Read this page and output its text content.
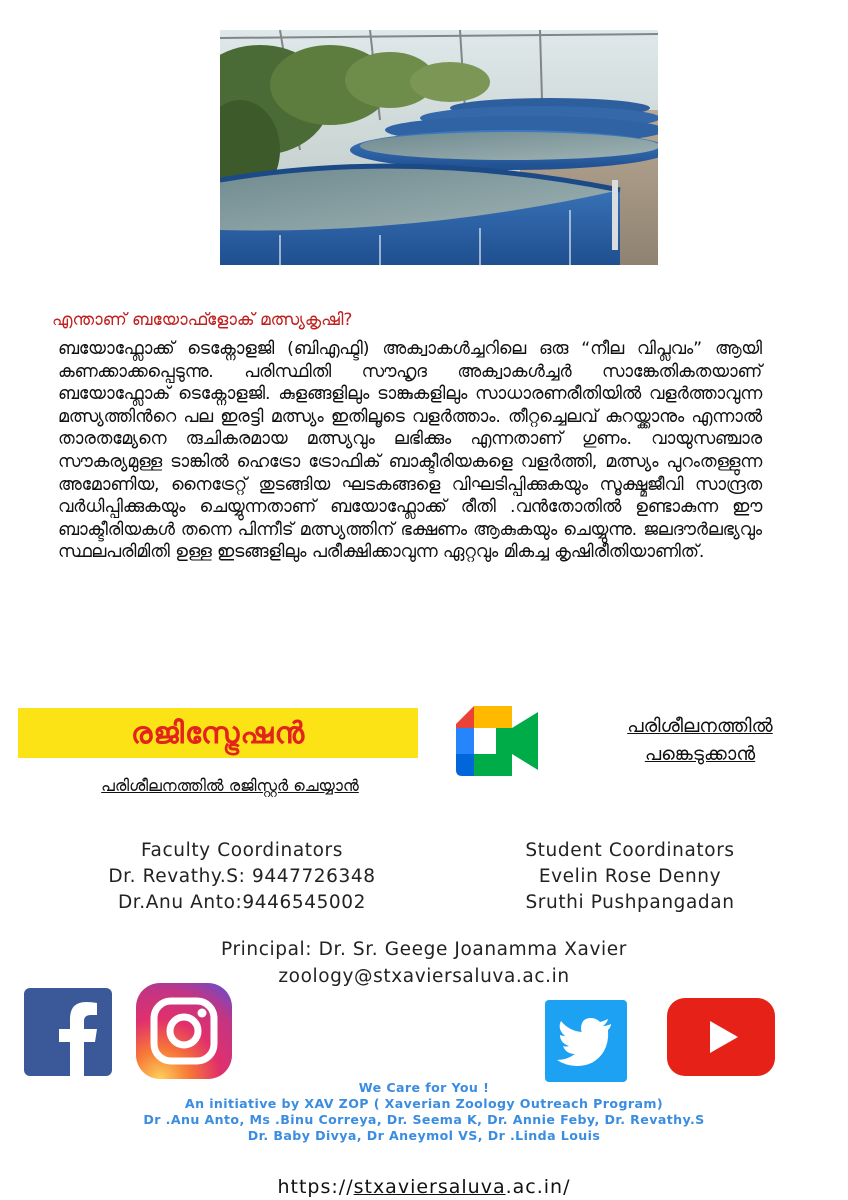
എന്താണ് ബയോഫ്ളോക് മത്സ്യകൃഷി?
ബയോഫ്ലോക്ക് ടെക്നോളജി (ബിഎഫ്ടി) അക്വാകൾച്ചറിലെ ഒരു “നീല വിപ്ലവം” ആയി കണക്കാക്കപ്പെടുന്നു. പരിസ്ഥിതി സൗഹൃദ അക്വാകൾച്ചർ സാങ്കേതികതയാണ് ബയോഫ്ലോക് ടെക്നോളജി. കുളങ്ങളിലും ടാങ്കുകളിലും സാധാരണരീതിയിൽ വളർത്താവുന്ന മത്സ്യത്തിൻറെ പല ഇരട്ടി മത്സ്യം ഇതിലൂടെ വളർത്താം. തീറ്റച്ചെലവ് കുറയ്ക്കാനും എന്നാൽ താരതമ്യേനെ രുചികരമായ മത്സ്യവും ലഭിക്കും എന്നതാണ് ഗുണം. വായുസഞ്ചാര സൗകര്യമുള്ള ടാങ്കിൽ ഹെട്രോ ട്രോഫിക് ബാക്ടീരിയകളെ വളർത്തി, മത്സ്യം പുറംതള്ളുന്ന അമോണിയ, നൈട്രേറ്റ് തുടങ്ങിയ ഘടകങ്ങളെ വിഘടിപ്പിക്കുകയും സൂക്ഷ്മജീവി സാന്ദ്രത വർധിപ്പിക്കുകയും ചെയ്യുന്നതാണ് ബയോഫ്ലോക്ക് രീതി .വൻതോതിൽ ഉണ്ടാകുന്ന ഈ ബാക്ടീരിയകൾ തന്നെ പിന്നീട് മത്സ്യത്തിന് ഭക്ഷണം ആകുകയും ചെയ്യുന്നു. ജലദൗർലഭ്യവും സ്ഥലപരിമിതി ഉള്ള ഇടങ്ങളിലും പരീക്ഷിക്കാവുന്ന ഏറ്റവും മികച്ച കൃഷിരീതിയാണിത്.
രജിസ്ട്രേഷൻ
പരിശീലനത്തിൽ രജിസ്റ്റർ ചെയ്യാൻ
പരിശീലനത്തിൽ
പങ്കെടുക്കാൻ
Faculty Coordinators
Dr. Revathy.S: 9447726348
Dr.Anu Anto:9446545002
Student Coordinators
Evelin Rose Denny
Sruthi Pushpangadan
Principal: Dr. Sr. Geege Joanamma Xavier
zoology@stxaviersaluva.ac.in
We Care for You !
An initiative by XAV ZOP ( Xaverian Zoology Outreach Program)
Dr .Anu Anto, Ms .Binu Correya, Dr. Seema K, Dr. Annie Feby, Dr. Revathy.S
Dr. Baby Divya, Dr Aneymol VS, Dr .Linda Louis
https://stxaviersaluva.ac.in/
